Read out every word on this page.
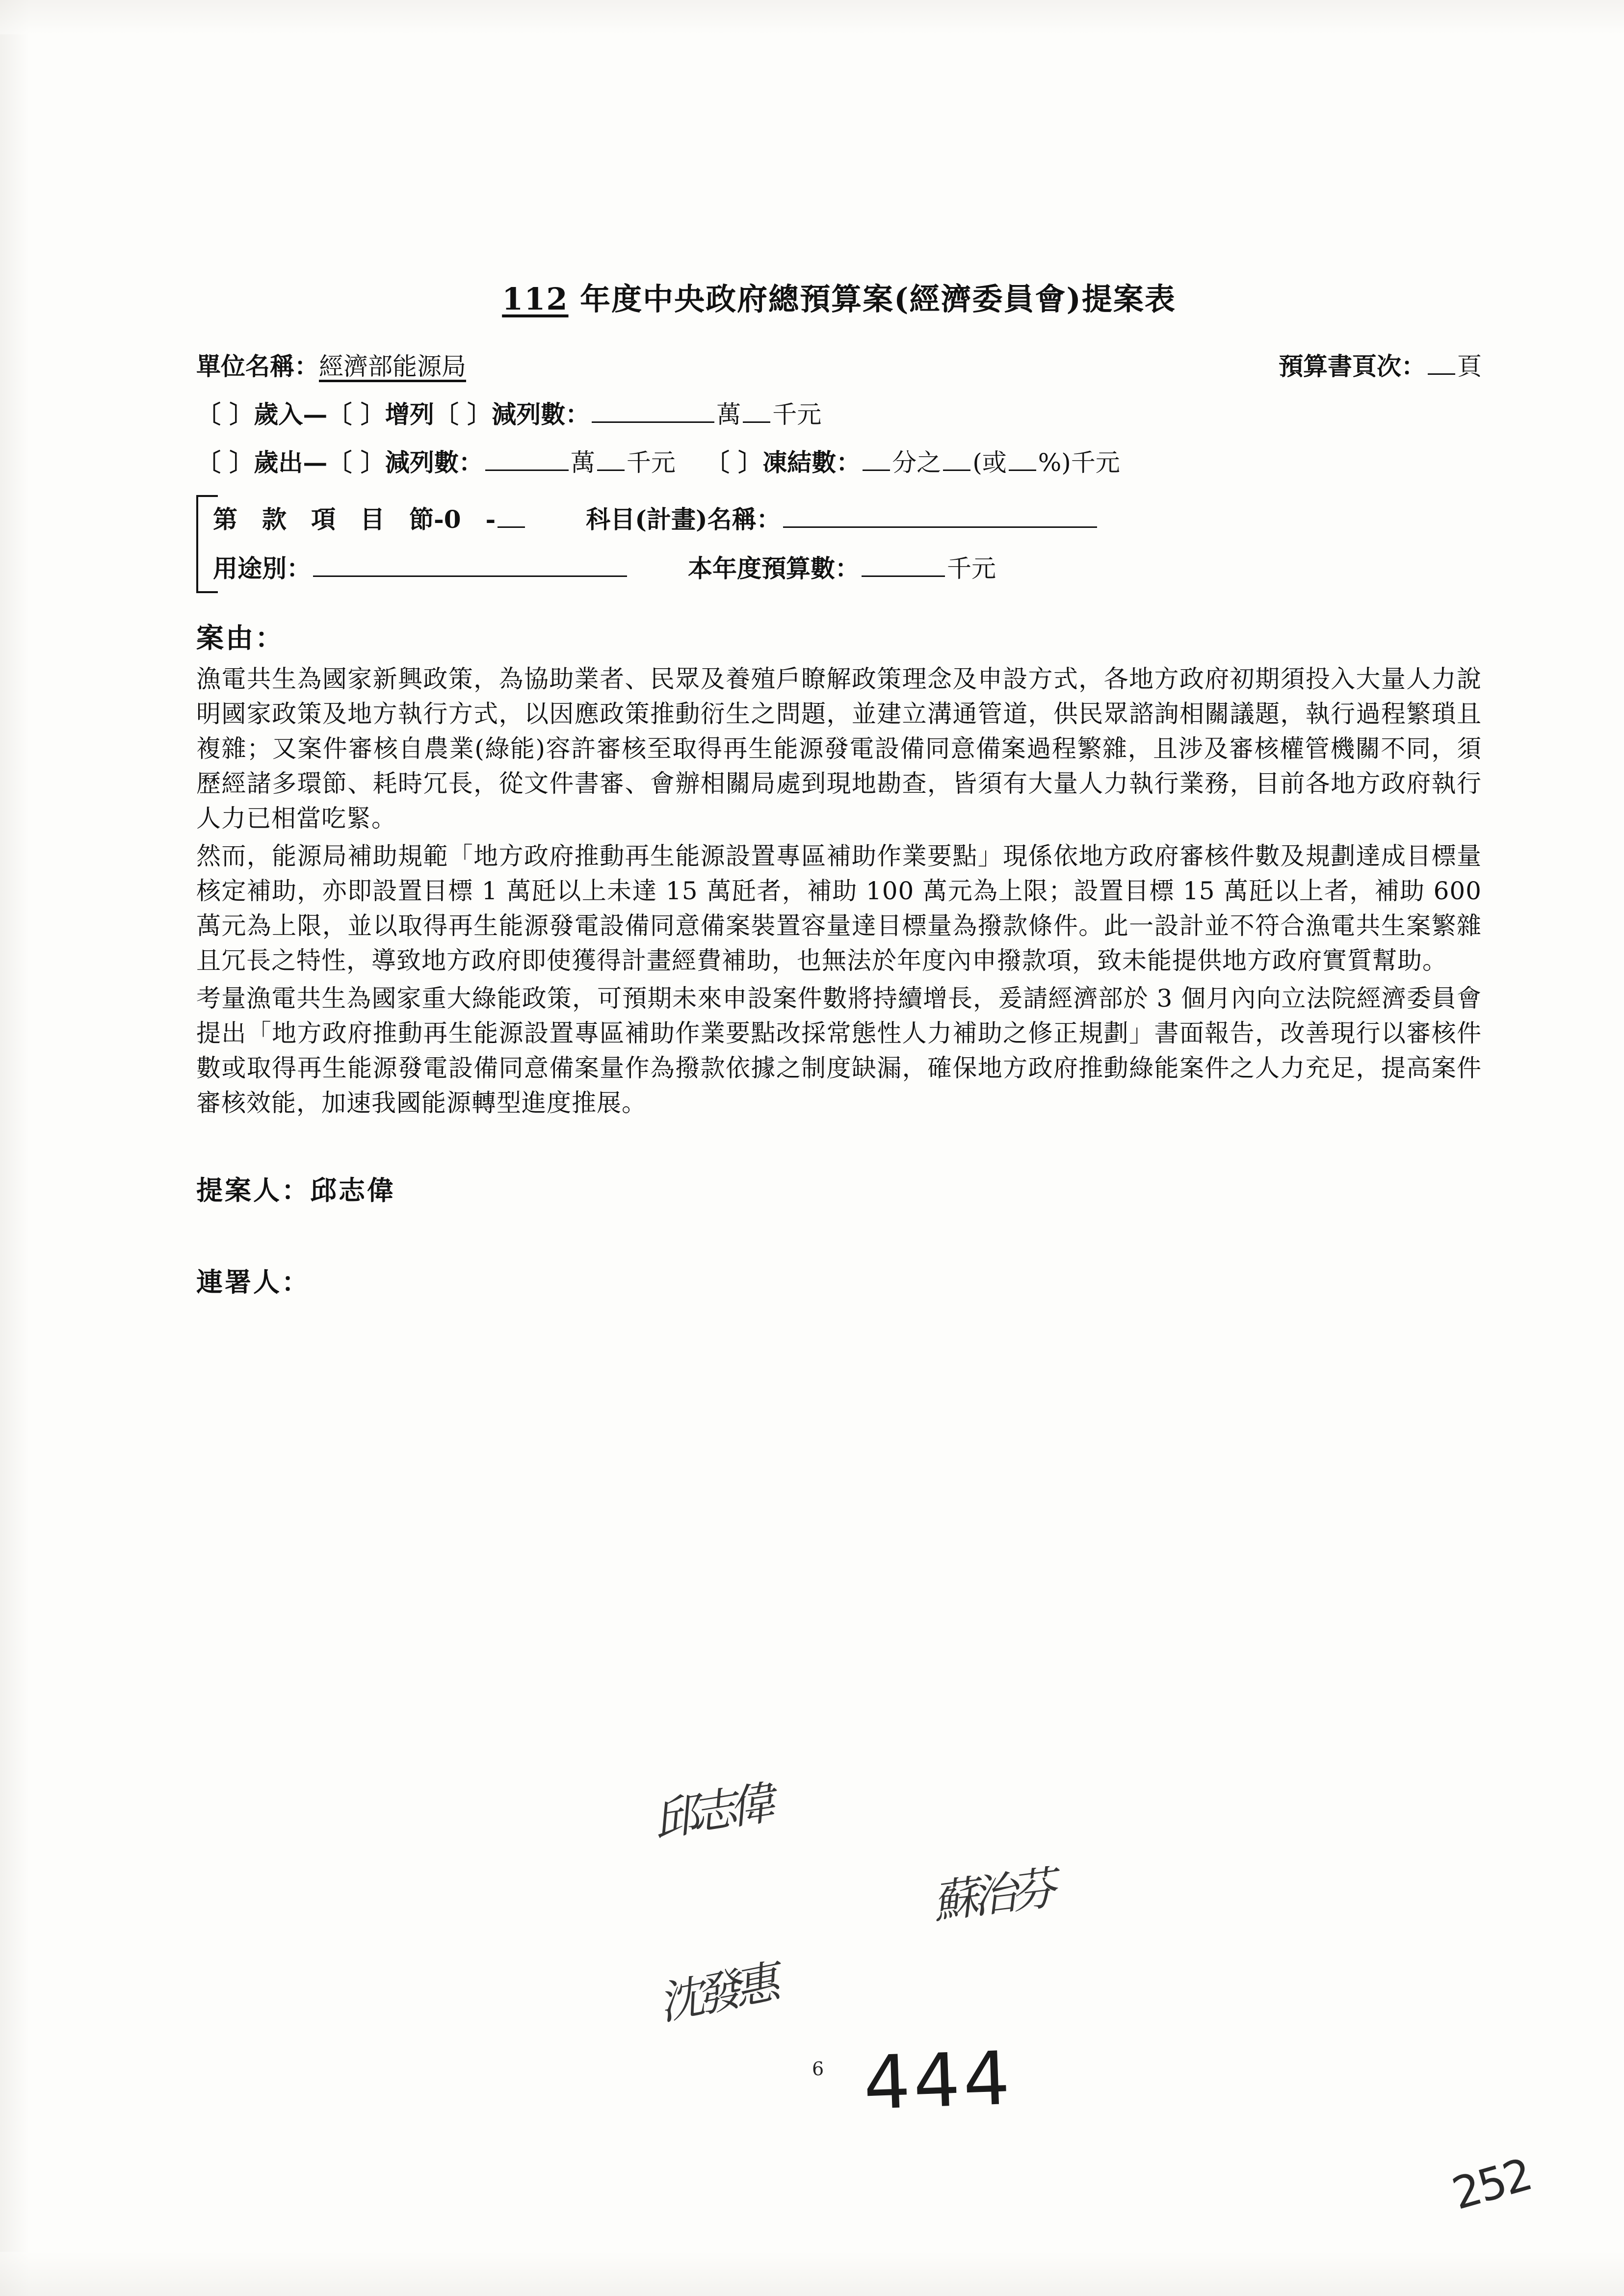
112 年度中央政府總預算案(經濟委員會)提案表
單位名稱： 經濟部能源局	預算書頁次： 頁
〔 〕歲入—〔 〕增列〔 〕減列數：	萬 千元
〔 〕歲出—〔 〕減列數：	萬 千元 〔 〕凍結數： 分之 (或 %)千元
第　款　項　目　節-0　-	科目(計畫)名稱：
用途別：	本年度預算數：	千元
案由：

漁電共生為國家新興政策，為協助業者、民眾及養殖戶瞭解政策理念及申設方式，各地方政府初期須投入大量人力說明國家政策及地方執行方式，以因應政策推動衍生之問題，並建立溝通管道，供民眾諮詢相關議題，執行過程繁瑣且複雜；又案件審核自農業(綠能)容許審核至取得再生能源發電設備同意備案過程繁雜，且涉及審核權管機關不同，須歷經諸多環節、耗時冗長，從文件書審、會辦相關局處到現地勘查，皆須有大量人力執行業務，目前各地方政府執行人力已相當吃緊。

然而，能源局補助規範「地方政府推動再生能源設置專區補助作業要點」現係依地方政府審核件數及規劃達成目標量核定補助，亦即設置目標 1 萬瓩以上未達 15 萬瓩者，補助 100 萬元為上限；設置目標 15 萬瓩以上者，補助 600 萬元為上限，並以取得再生能源發電設備同意備案裝置容量達目標量為撥款條件。此一設計並不符合漁電共生案繁雜且冗長之特性，導致地方政府即使獲得計畫經費補助，也無法於年度內申撥款項，致未能提供地方政府實質幫助。

考量漁電共生為國家重大綠能政策，可預期未來申設案件數將持續增長，爰請經濟部於 3 個月內向立法院經濟委員會提出「地方政府推動再生能源設置專區補助作業要點改採常態性人力補助之修正規劃」書面報告，改善現行以審核件數或取得再生能源發電設備同意備案量作為撥款依據之制度缺漏，確保地方政府推動綠能案件之人力充足，提高案件審核效能，加速我國能源轉型進度推展。

提案人：邱志偉
連署人：
邱志偉
蘇治芬
沈發惠
6 444
252
